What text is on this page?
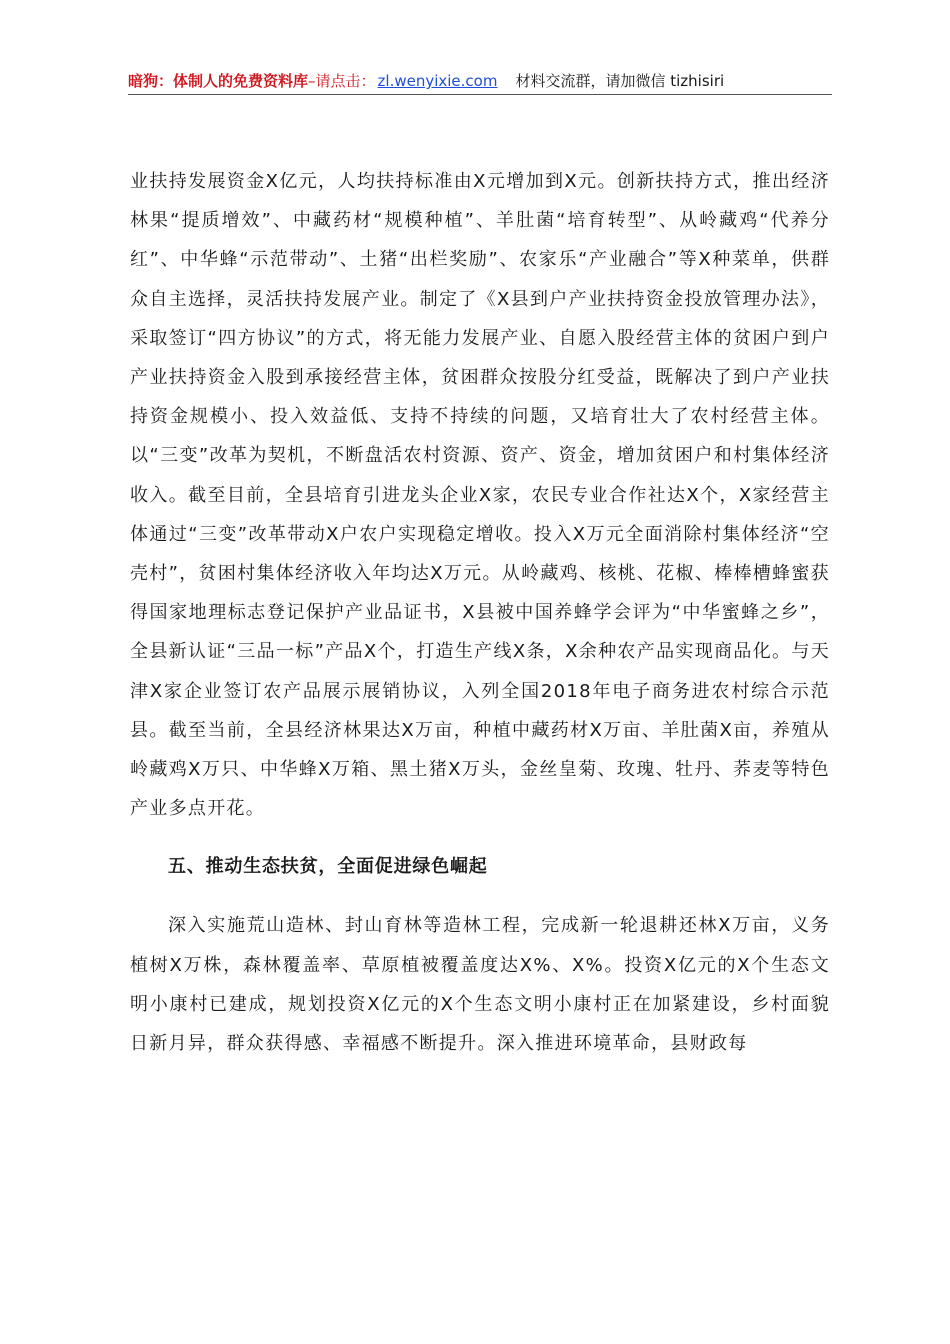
暗狗：体制人的免费资料库–请点击： zl.wenyixie.com 材料交流群，请加微信 tizhisiri

业扶持发展资金X亿元，人均扶持标准由X元增加到X元。创新扶持方式，推出经济林果“提质增效”、中藏药材“规模种植”、羊肚菌“培育转型”、从岭藏鸡“代养分红”、中华蜂“示范带动”、土猪“出栏奖励”、农家乐“产业融合”等X种菜单，供群众自主选择，灵活扶持发展产业。制定了《X县到户产业扶持资金投放管理办法》，采取签订“四方协议”的方式，将无能力发展产业、自愿入股经营主体的贫困户到户产业扶持资金入股到承接经营主体，贫困群众按股分红受益，既解决了到户产业扶持资金规模小、投入效益低、支持不持续的问题，又培育壮大了农村经营主体。以“三变”改革为契机，不断盘活农村资源、资产、资金，增加贫困户和村集体经济收入。截至目前，全县培育引进龙头企业X家，农民专业合作社达X个，X家经营主体通过“三变”改革带动X户农户实现稳定增收。投入X万元全面消除村集体经济“空壳村”，贫困村集体经济收入年均达X万元。从岭藏鸡、核桃、花椒、棒棒槽蜂蜜获得国家地理标志登记保护产业品证书，X县被中国养蜂学会评为“中华蜜蜂之乡”，全县新认证“三品一标”产品X个，打造生产线X条，X余种农产品实现商品化。与天津X家企业签订农产品展示展销协议，入列全国2018年电子商务进农村综合示范县。截至当前，全县经济林果达X万亩，种植中藏药材X万亩、羊肚菌X亩，养殖从岭藏鸡X万只、中华蜂X万箱、黑土猪X万头，金丝皇菊、玫瑰、牡丹、荞麦等特色产业多点开花。

五、推动生态扶贫，全面促进绿色崛起

深入实施荒山造林、封山育林等造林工程，完成新一轮退耕还林X万亩，义务植树X万株，森林覆盖率、草原植被覆盖度达X%、X%。投资X亿元的X个生态文明小康村已建成，规划投资X亿元的X个生态文明小康村正在加紧建设，乡村面貌日新月异，群众获得感、幸福感不断提升。深入推进环境革命，县财政每
